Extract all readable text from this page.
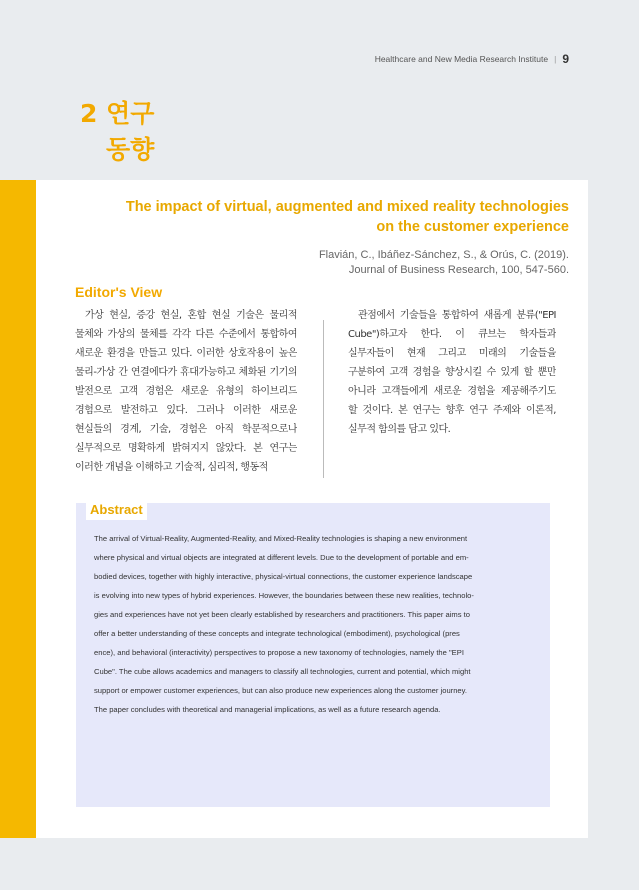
Healthcare and New Media Research Institute | 9
2 연구
동향
The impact of virtual, augmented and mixed reality technologies
on the customer experience
Flavián, C., Ibáñez-Sánchez, S., & Orús, C. (2019).
Journal of Business Research, 100, 547-560.
Editor's View
가상 현실, 증강 현실, 혼합 현실 기술은 물리적
물체와 가상의 물체를 각각 다른 수준에서 통합하여
새로운 환경을 만들고 있다. 이러한 상호작용이 높은
물리-가상 간 연결에다가 휴대가능하고 체화된 기기의
발전으로 고객 경험은 새로운 유형의 하이브리드
경험으로 발전하고 있다. 그러나 이러한 새로운
현실들의 경계, 기술, 경험은 아직 학문적으로나
실무적으로 명확하게 밝혀지지 않았다. 본 연구는
이러한 개념을 이해하고 기술적, 심리적, 행동적
관점에서 기술들을 통합하여 새롭게 분류("EPI
Cube")하고자 한다. 이 큐브는 학자들과
실무자들이 현재 그리고 미래의 기술들을
구분하여 고객 경험을 향상시킬 수 있게 할 뿐만
아니라 고객들에게 새로운 경험을 제공해주기도
할 것이다. 본 연구는 향후 연구 주제와 이론적,
실무적 함의를 담고 있다.
Abstract
The arrival of Virtual-Reality, Augmented-Reality, and Mixed-Reality technologies is shaping a new environment
where physical and virtual objects are integrated at different levels. Due to the development of portable and em-
bodied devices, together with highly interactive, physical-virtual connections, the customer experience landscape
is evolving into new types of hybrid experiences. However, the boundaries between these new realities, technolo-
gies and experiences have not yet been clearly established by researchers and practitioners. This paper aims to
offer a better understanding of these concepts and integrate technological (embodiment), psychological (pres
ence), and behavioral (interactivity) perspectives to propose a new taxonomy of technologies, namely the "EPI
Cube". The cube allows academics and managers to classify all technologies, current and potential, which might
support or empower customer experiences, but can also produce new experiences along the customer journey.
The paper concludes with theoretical and managerial implications, as well as a future research agenda.
